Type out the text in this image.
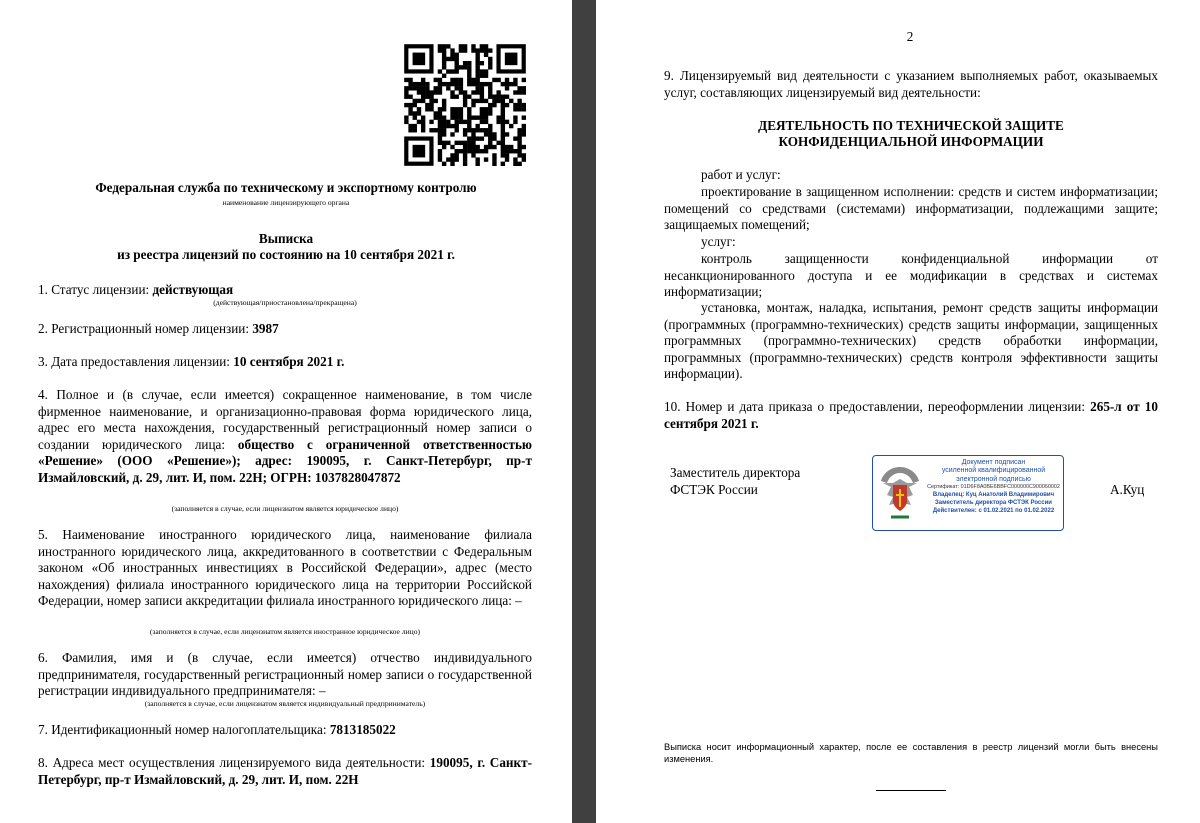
Федеральная служба по техническому и экспортному контролю
наименование лицензирующего органа
Выписка
из реестра лицензий по состоянию на 10 сентября 2021 г.
1. Статус лицензии: действующая
(действующая/приостановлена/прекращена)
2. Регистрационный номер лицензии: 3987
3. Дата предоставления лицензии: 10 сентября 2021 г.
4. Полное и (в случае, если имеется) сокращенное наименование, в том числе фирменное наименование, и организационно-правовая форма юридического лица, адрес его места нахождения, государственный регистрационный номер записи о создании юридического лица: общество с ограниченной ответственностью «Решение» (ООО «Решение»); адрес: 190095, г. Санкт-Петербург, пр-т Измайловский, д. 29, лит. И, пом. 22Н; ОГРН: 1037828047872
(заполняется в случае, если лицензиатом является юридическое лицо)
5. Наименование иностранного юридического лица, наименование филиала иностранного юридического лица, аккредитованного в соответствии с Федеральным законом «Об иностранных инвестициях в Российской Федерации», адрес (место нахождения) филиала иностранного юридического лица на территории Российской Федерации, номер записи аккредитации филиала иностранного юридического лица: –
(заполняется в случае, если лицензиатом является иностранное юридическое лицо)
6. Фамилия, имя и (в случае, если имеется) отчество индивидуального предпринимателя, государственный регистрационный номер записи о государственной регистрации индивидуального предпринимателя: –
(заполняется в случае, если лицензиатом является индивидуальный предприниматель)
7. Идентификационный номер налогоплательщика: 7813185022
8. Адреса мест осуществления лицензируемого вида деятельности: 190095, г. Санкт-Петербург, пр-т Измайловский, д. 29, лит. И, пом. 22Н
2
9. Лицензируемый вид деятельности с указанием выполняемых работ, оказываемых услуг, составляющих лицензируемый вид деятельности:
ДЕЯТЕЛЬНОСТЬ ПО ТЕХНИЧЕСКОЙ ЗАЩИТЕ
КОНФИДЕНЦИАЛЬНОЙ ИНФОРМАЦИИ
работ и услуг:
проектирование в защищенном исполнении: средств и систем информатизации; помещений со средствами (системами) информатизации, подлежащими защите; защищаемых помещений;
услуг:
контроль защищенности конфиденциальной информации от несанкционированного доступа и ее модификации в средствах и системах информатизации;
установка, монтаж, наладка, испытания, ремонт средств защиты информации (программных (программно-технических) средств защиты информации, защищенных программных (программно-технических) средств обработки информации, программных (программно-технических) средств контроля эффективности защиты информации).
10. Номер и дата приказа о предоставлении, переоформлении лицензии: 265-л от 10 сентября 2021 г.
Заместитель директора
ФСТЭК России	А.Куц
Документ подписан
усиленной квалифицированной
электронной подписью
Сертификат: 01D6F8A0BE6BBFC000000C900060002
Владелец: Куц Анатолий Владимирович
Заместитель директора ФСТЭК России
Действителен: с 01.02.2021 по 01.02.2022
Выписка носит информационный характер, после ее составления в реестр лицензий могли быть внесены изменения.
